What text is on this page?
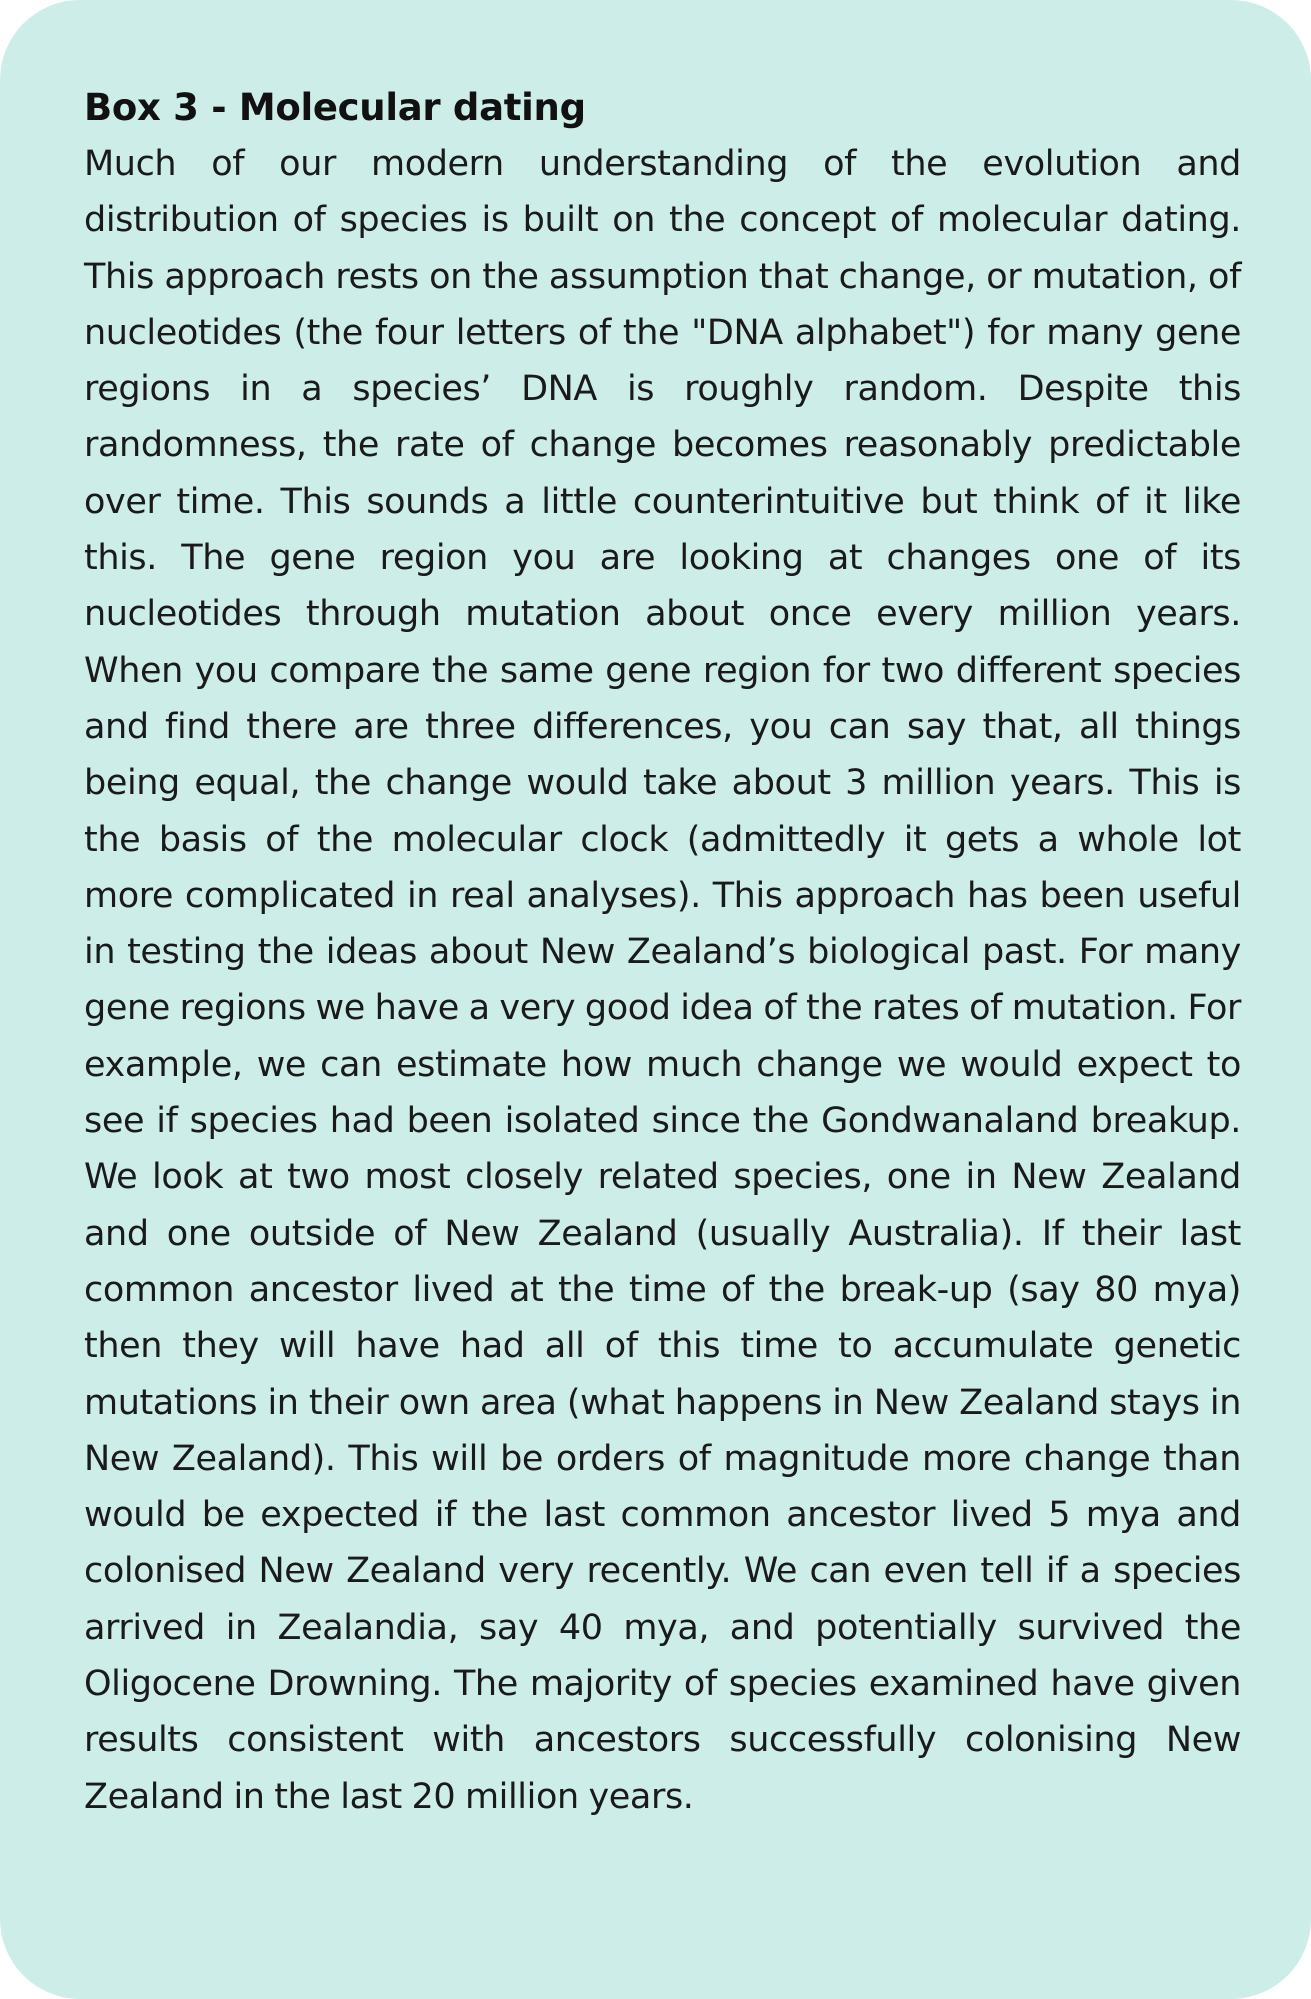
Box 3 - Molecular dating

Much of our modern understanding of the evolution and distribution of species is built on the concept of molecular dating. This approach rests on the assumption that change, or mutation, of nucleotides (the four letters of the "DNA alphabet") for many gene regions in a species’ DNA is roughly random. Despite this randomness, the rate of change becomes reasonably predictable over time. This sounds a little counterintuitive but think of it like this. The gene region you are looking at changes one of its nucleotides through mutation about once every million years. When you compare the same gene region for two different species and find there are three differences, you can say that, all things being equal, the change would take about 3 million years. This is the basis of the molecular clock (admittedly it gets a whole lot more complicated in real analyses). This approach has been useful in testing the ideas about New Zealand’s biological past. For many gene regions we have a very good idea of the rates of mutation. For example, we can estimate how much change we would expect to see if species had been isolated since the Gondwanaland breakup. We look at two most closely related species, one in New Zealand and one outside of New Zealand (usually Australia). If their last common ancestor lived at the time of the break-up (say 80 mya) then they will have had all of this time to accumulate genetic mutations in their own area (what happens in New Zealand stays in New Zealand). This will be orders of magnitude more change than would be expected if the last common ancestor lived 5 mya and colonised New Zealand very recently. We can even tell if a species arrived in Zealandia, say 40 mya, and potentially survived the Oligocene Drowning. The majority of species examined have given results consistent with ancestors successfully colonising New Zealand in the last 20 million years.
